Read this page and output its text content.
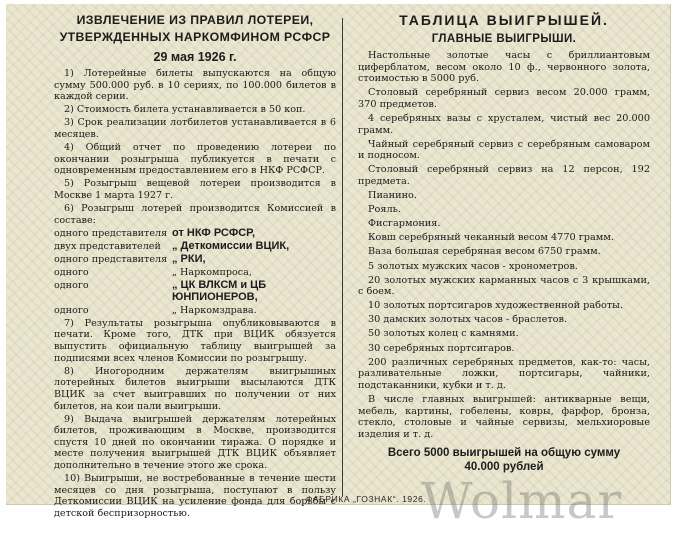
ИЗВЛЕЧЕНИЕ ИЗ ПРАВИЛ ЛОТЕРЕИ,
УТВЕРЖДЕННЫХ НАРКОМФИНОМ РСФСР
29 мая 1926 г.

1) Лотерейные билеты выпускаются на общую сумму 500.000 руб. в 10 сериях, по 100.000 билетов в каждой серии.

2) Стоимость билета устанавливается в 50 коп.

3) Срок реализации лотбилетов устанавливается в 6 месяцев.

4) Общий отчет по проведению лотереи по окончании розыгрыша публикуется в печати с одновременным предоставлением его в НКФ РСФСР.

5) Розыгрыш вещевой лотереи производится в Москве 1 марта 1927 г.

6) Розыгрыш лотерей производится Комиссией в составе:

одного представителя от НКФ РСФСР,
двух представителей	„ Деткомиссии ВЦИК,
одного представителя „ РКИ,
одного	„ Наркомпроса,
одного	„ ЦК ВЛКСМ и ЦБ ЮНПИОНЕРОВ,
одного	„ Наркомздрава.

7) Результаты розыгрыша опубликовываются в печати. Кроме того, ДТК при ВЦИК обязуется выпустить официальную таблицу выигрышей за подписями всех членов Комиссии по розыгрышу.

8) Иногородним держателям выигрышных лотерейных билетов выигрыши высылаются ДТК ВЦИК за счет выигравших по получении от них билетов, на кои пали выигрыши.

9) Выдача выигрышей держателям лотерейных билетов, проживающим в Москве, производится спустя 10 дней по окончании тиража. О порядке и месте получения выигрышей ДТК ВЦИК объявляет дополнительно в течение этого же срока.

10) Выигрыши, не востребованные в течение шести месяцев со дня розыгрыша, поступают в пользу Деткомиссии ВЦИК на усиление фонда для борьбы с детской беспризорностью.

ТАБЛИЦА ВЫИГРЫШЕЙ.
ГЛАВНЫЕ ВЫИГРЫШИ.

Настольные золотые часы с бриллиантовым циферблатом, весом около 10 ф., червонного золота, стоимостью в 5000 руб.

Столовый серебряный сервиз весом 20.000 грамм, 370 предметов.

4 серебряных вазы с хрусталем, чистый вес 20.000 грамм.

Чайный серебряный сервиз с серебряным самоваром и подносом.

Столовый серебряный сервиз на 12 персон, 192 предмета.

Пианино.

Рояль.

Фисгармония.

Ковш серебряный чеканный весом 4770 грамм.

Ваза большая серебряная весом 6750 грамм.

5 золотых мужских часов - хронометров.

20 золотых мужских карманных часов с 3 крышками, с боем.

10 золотых портсигаров художественной работы.

30 дамских золотых часов - браслетов.

50 золотых колец с камнями.

30 серебряных портсигаров.

200 различных серебряных предметов, как-то: часы, разливательные ложки, портсигары, чайники, подстаканники, кубки и т. д.

В числе главных выигрышей: антикварные вещи, мебель, картины, гобелены, ковры, фарфор, бронза, стекло, столовые и чайные сервизы, мельхиоровые изделия и т. д.

Всего 5000 выигрышей на общую сумму
40.000 рублей
ФАБРИКА „ГОЗНАК“. 1926.
Wolmar
